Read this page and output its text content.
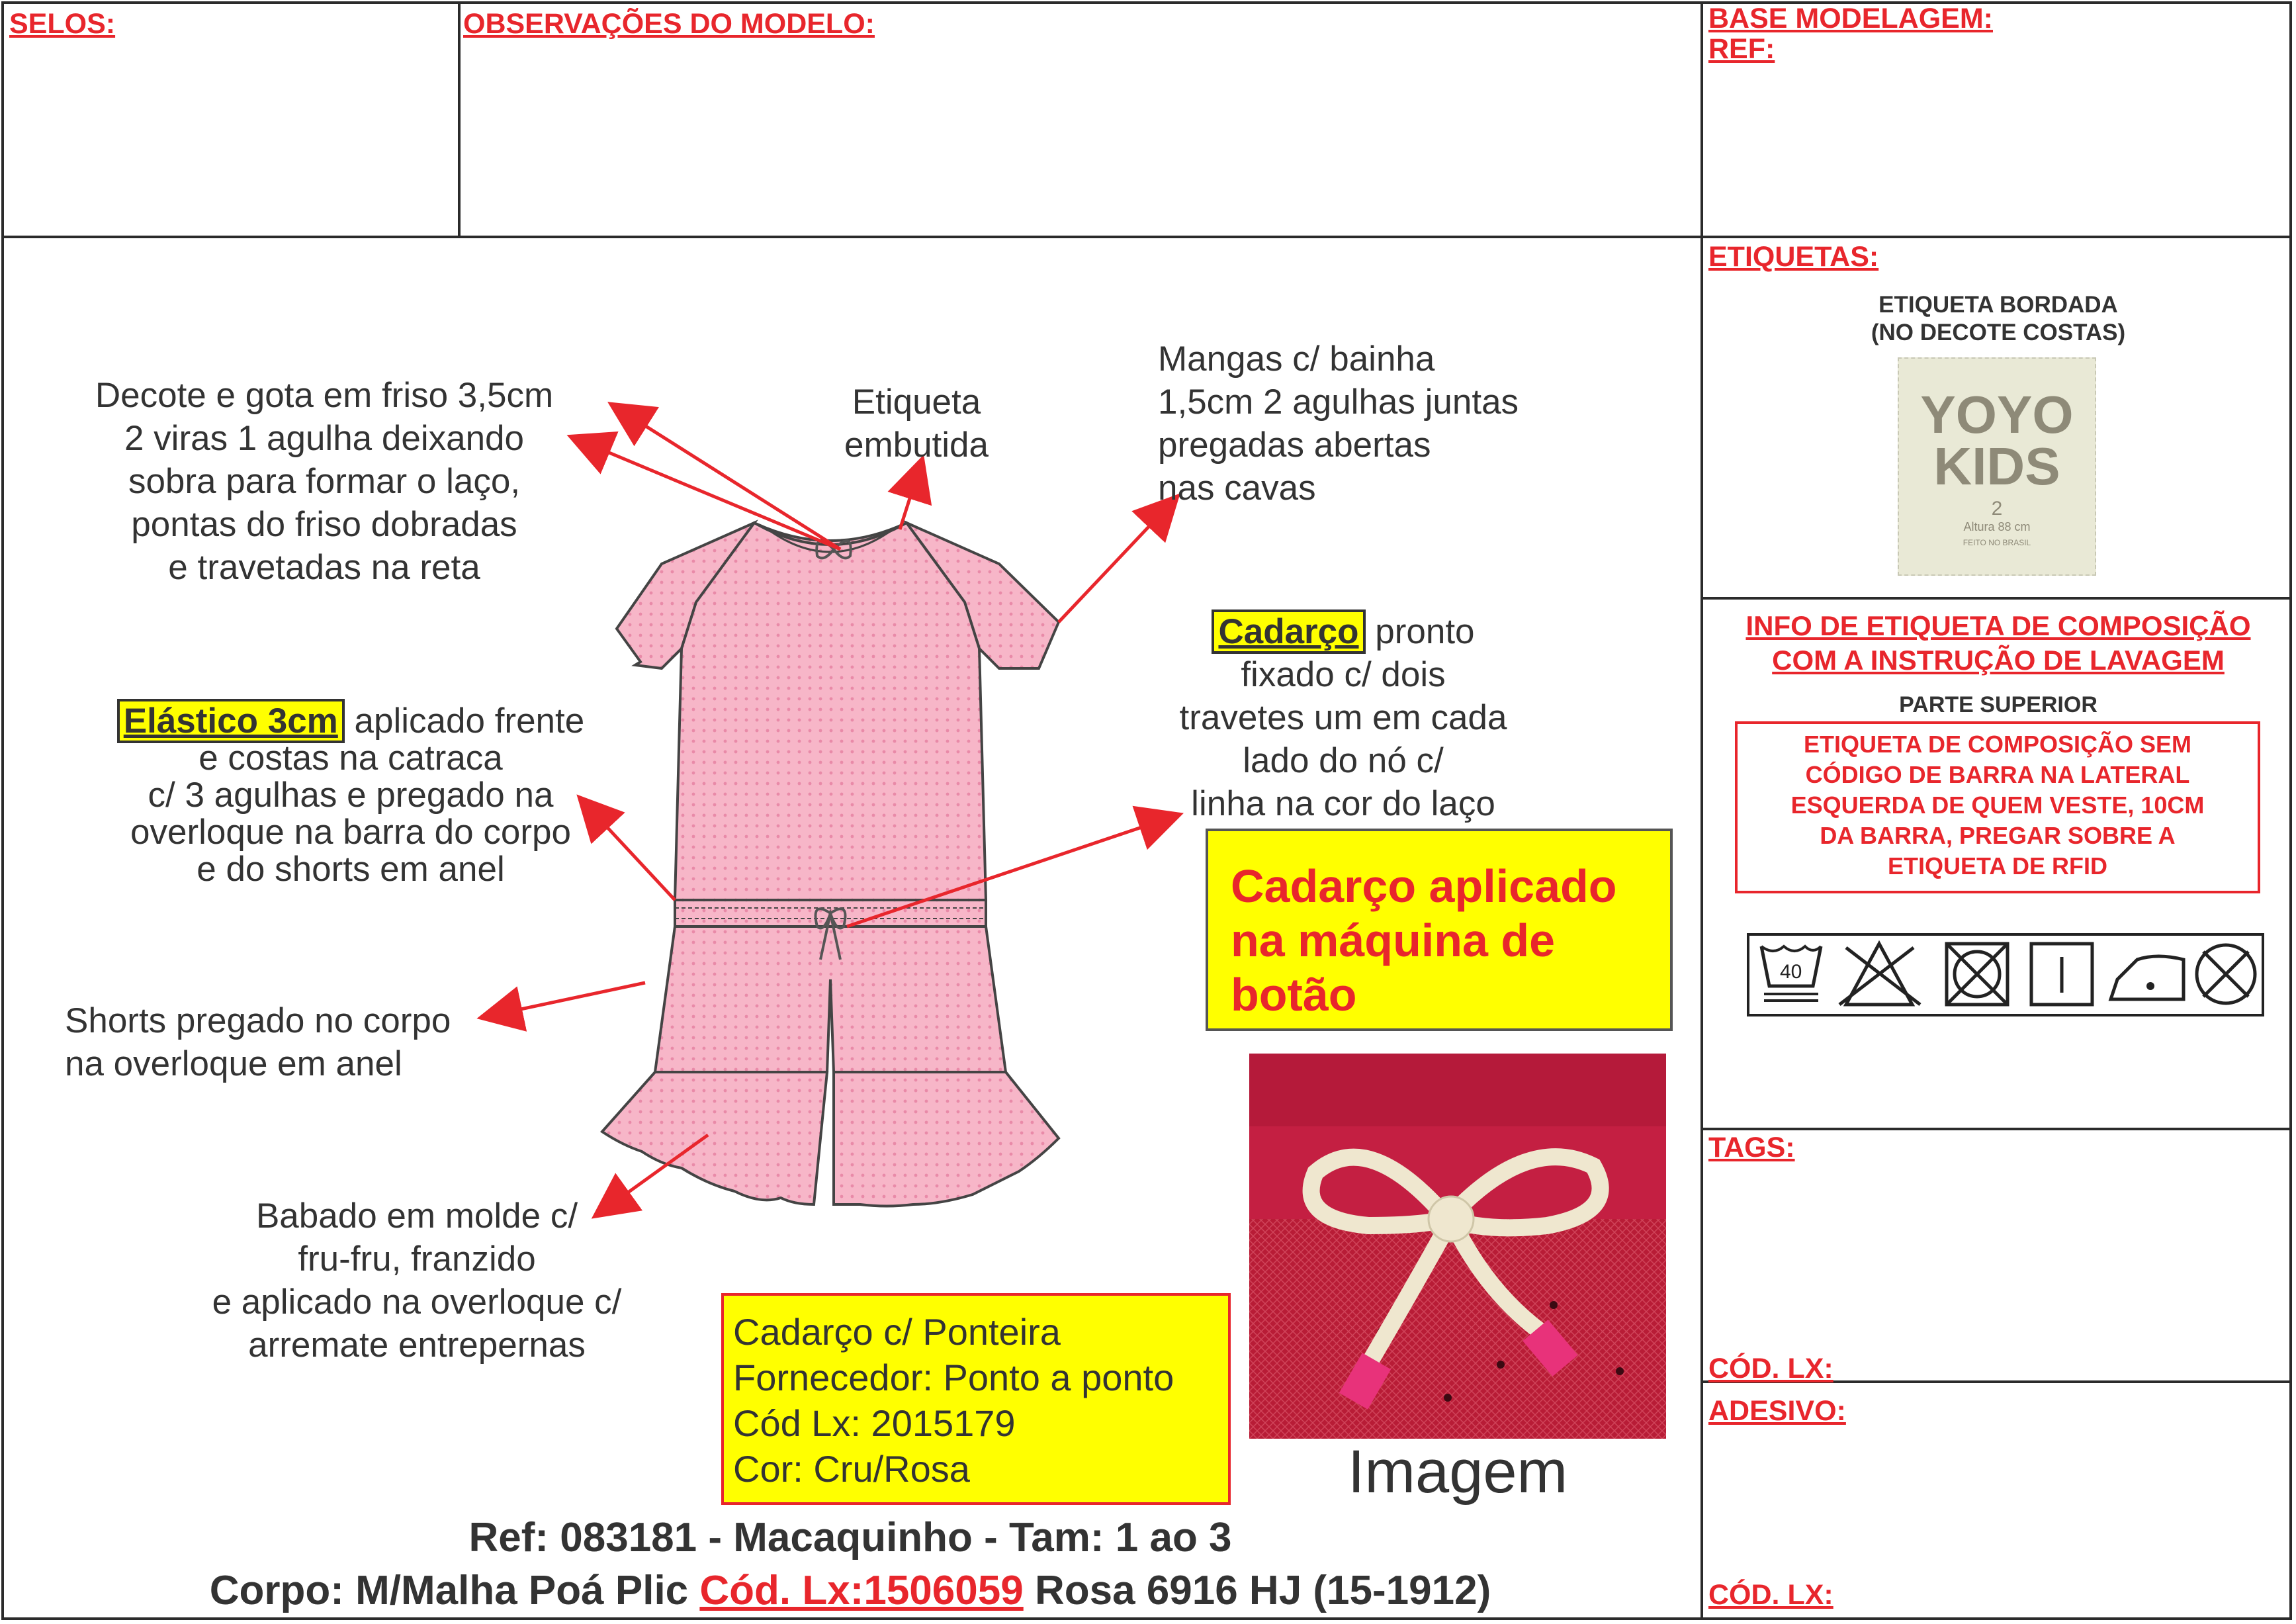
SELOS:	OBSERVAÇÕES DO MODELO:	BASE MODELAGEM:
REF:
ETIQUETAS:
TAGS:
CÓD. LX:
ADESIVO:
CÓD. LX:
ETIQUETA BORDADA
(NO DECOTE COSTAS)
YOYO
KIDS
2
Altura 88 cm
FEITO NO BRASIL
INFO DE ETIQUETA DE COMPOSIÇÃO
COM A INSTRUÇÃO DE LAVAGEM
PARTE SUPERIOR
ETIQUETA DE COMPOSIÇÃO SEM
CÓDIGO DE BARRA NA LATERAL
ESQUERDA DE QUEM VESTE, 10CM
DA BARRA, PREGAR SOBRE A
ETIQUETA DE RFID
40
Decote e gota em friso 3,5cm
2 viras 1 agulha deixando
sobra para formar o laço,
pontas do friso dobradas
e travetadas na reta
Etiqueta
embutida
Mangas c/ bainha
1,5cm 2 agulhas juntas
pregadas abertas
nas cavas
Elástico 3cm aplicado frente
e costas na catraca
c/ 3 agulhas e pregado na
overloque na barra do corpo
e do shorts em anel
Cadarço pronto
fixado c/ dois
travetes um em cada
lado do nó c/
linha na cor do laço
Shorts pregado no corpo
na overloque em anel
Babado em molde c/
fru-fru, franzido
e aplicado na overloque c/
arremate entrepernas
Cadarço aplicado
na máquina de
botão
Cadarço c/ Ponteira
Fornecedor: Ponto a ponto
Cód Lx: 2015179
Cor: Cru/Rosa	Imagem
Ref: 083181 - Macaquinho - Tam: 1 ao 3
Corpo: M/Malha Poá Plic Cód. Lx:1506059 Rosa 6916 HJ (15-1912)
